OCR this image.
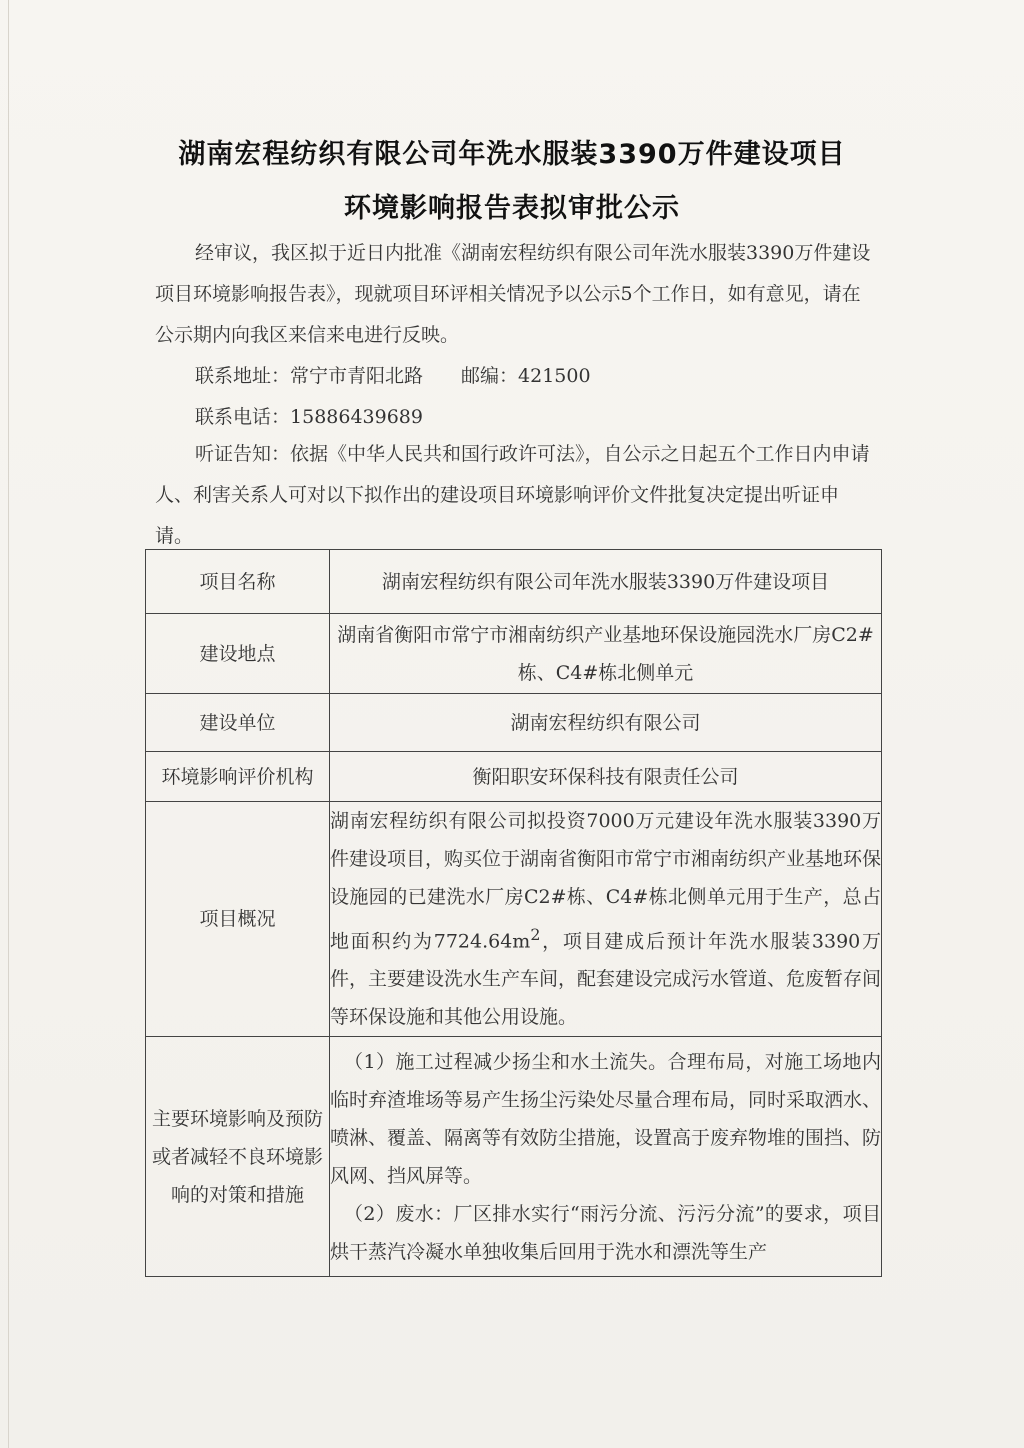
湖南宏程纺织有限公司年洗水服装3390万件建设项目
环境影响报告表拟审批公示

经审议，我区拟于近日内批准《湖南宏程纺织有限公司年洗水服装3390万件建设项目环境影响报告表》，现就项目环评相关情况予以公示5个工作日，如有意见，请在公示期内向我区来信来电进行反映。

联系地址：常宁市青阳北路 邮编：421500

联系电话：15886439689

听证告知：依据《中华人民共和国行政许可法》，自公示之日起五个工作日内申请人、利害关系人可对以下拟作出的建设项目环境影响评价文件批复决定提出听证申请。

项目名称	湖南宏程纺织有限公司年洗水服装3390万件建设项目
建设地点	湖南省衡阳市常宁市湘南纺织产业基地环保设施园洗水厂房C2#栋、C4#栋北侧单元
建设单位	湖南宏程纺织有限公司
环境影响评价机构	衡阳职安环保科技有限责任公司
项目概况	湖南宏程纺织有限公司拟投资7000万元建设年洗水服装3390万件建设项目，购买位于湖南省衡阳市常宁市湘南纺织产业基地环保设施园的已建洗水厂房C2#栋、C4#栋北侧单元用于生产，总占地面积约为$7724.64m^2$，项目建成后预计年洗水服装3390万件，主要建设洗水生产车间，配套建设完成污水管道、危废暂存间等环保设施和其他公用设施。
主要环境影响及预防或者减轻不良环境影响的对策和措施	（1）施工过程减少扬尘和水土流失。合理布局，对施工场地内临时弃渣堆场等易产生扬尘污染处尽量合理布局，同时采取洒水、喷淋、覆盖、隔离等有效防尘措施，设置高于废弃物堆的围挡、防风网、挡风屏等。
（2）废水：厂区排水实行“雨污分流、污污分流”的要求，项目烘干蒸汽冷凝水单独收集后回用于洗水和漂洗等生产
